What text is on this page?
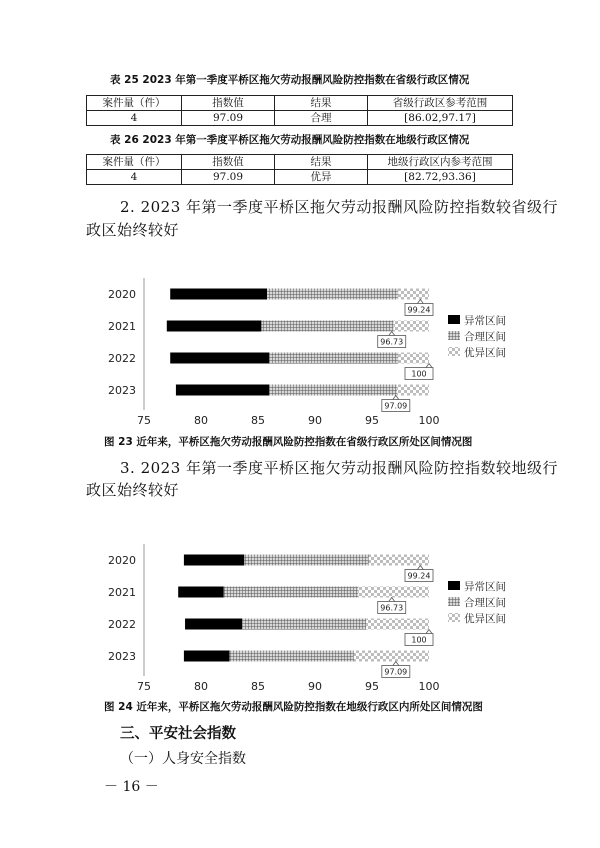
表 25 2023 年第一季度平桥区拖欠劳动报酬风险防控指数在省级行政区情况
案件量（件）	指数值	结果	省级行政区参考范围
4	97.09	合理	[86.02,97.17]
表 26 2023 年第一季度平桥区拖欠劳动报酬风险防控指数在地级行政区情况
案件量（件）	指数值	结果	地级行政区内参考范围
4	97.09	优异	[82.72,93.36]
2. 2023 年第一季度平桥区拖欠劳动报酬风险防控指数较省级行
政区始终较好
75	80	85	90	95	100
2020
99.24
2021
96.73
2022
100
2023
97.09
异常区间
合理区间
优异区间
图 23 近年来，平桥区拖欠劳动报酬风险防控指数在省级行政区所处区间情况图
3. 2023 年第一季度平桥区拖欠劳动报酬风险防控指数较地级行
政区始终较好
75	80	85	90	95	100
2020
99.24
2021
96.73
2022
100
2023
97.09
异常区间
合理区间
优异区间
图 24 近年来，平桥区拖欠劳动报酬风险防控指数在地级行政区内所处区间情况图
三、平安社会指数
（一）人身安全指数
－ 16 －
